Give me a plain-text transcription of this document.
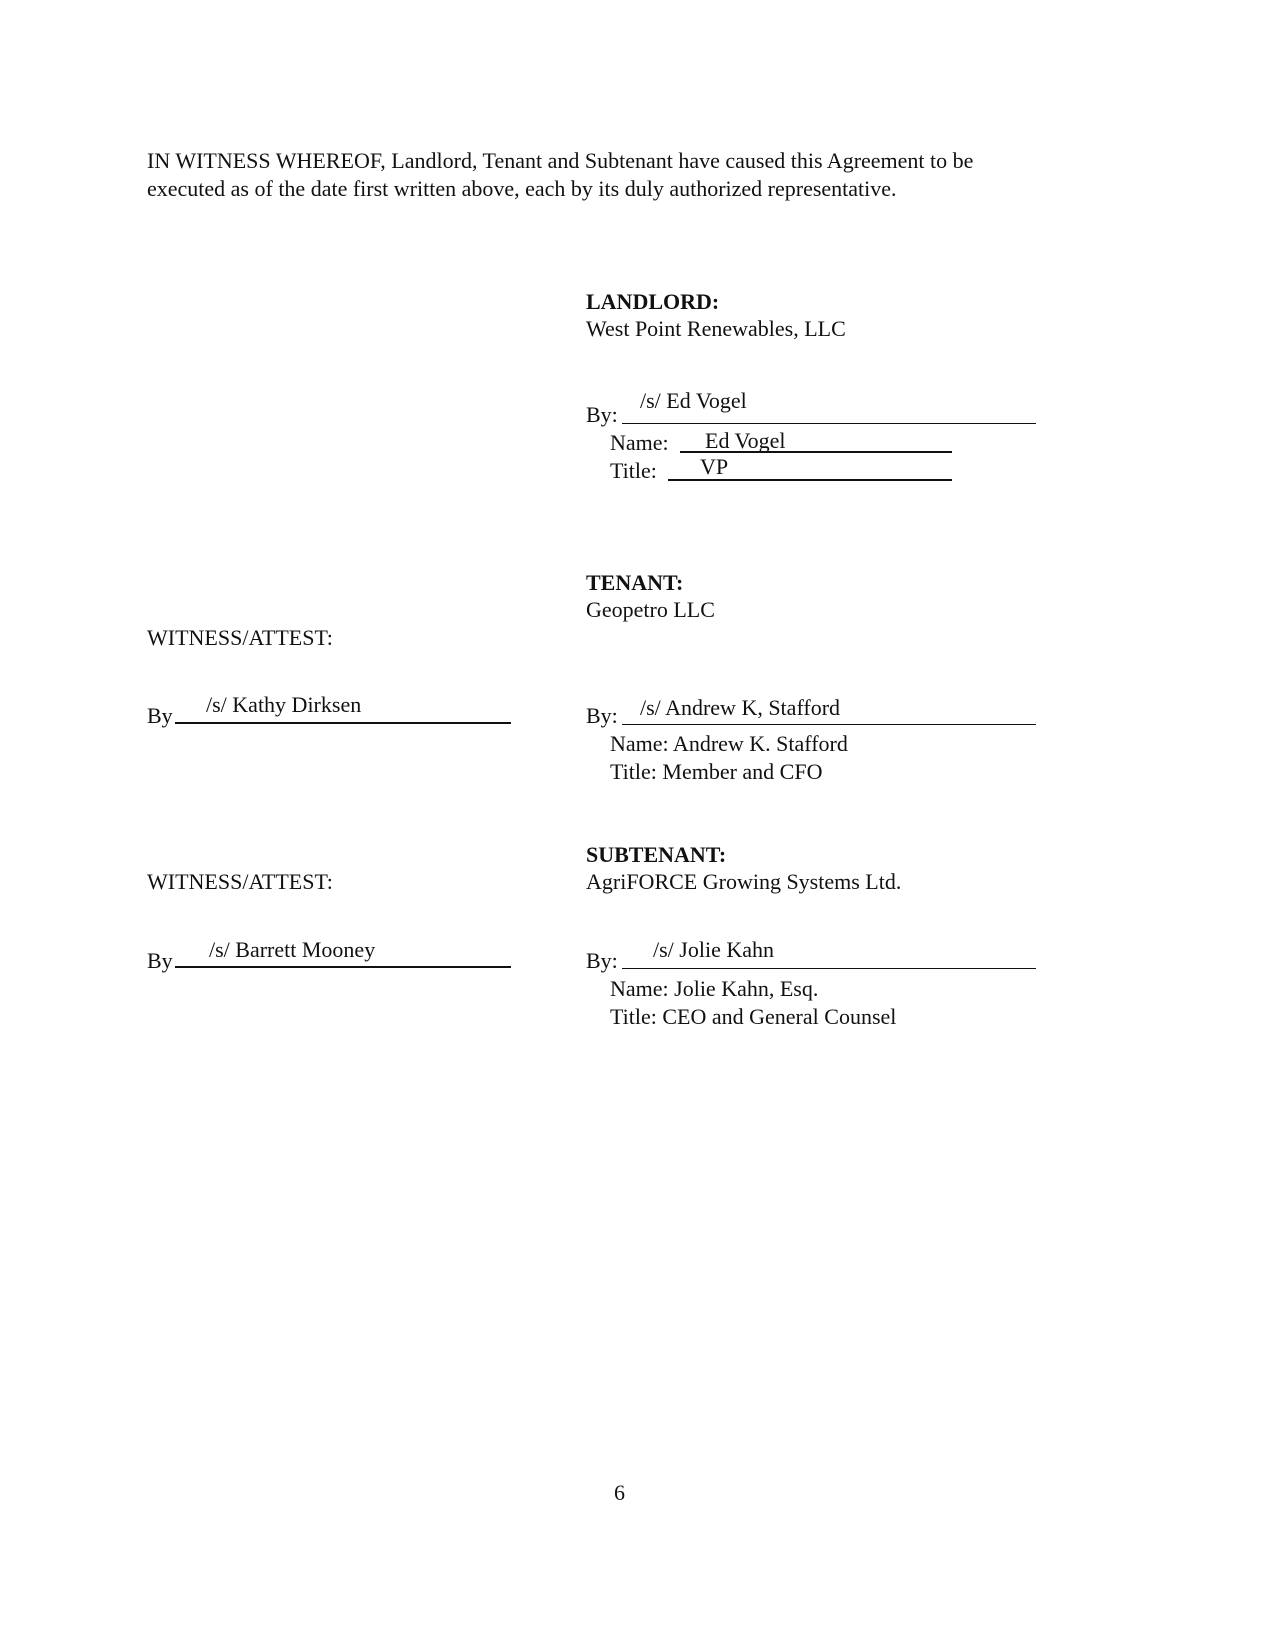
IN WITNESS WHEREOF, Landlord, Tenant and Subtenant have caused this Agreement to be
executed as of the date first written above, each by its duly authorized representative.
LANDLORD:
West Point Renewables, LLC
By:
/s/ Ed Vogel
Name: Ed Vogel
Title: VP
TENANT:
Geopetro LLC
By: /s/ Andrew K, Stafford
Name: Andrew K. Stafford
Title: Member and CFO
WITNESS/ATTEST:
By /s/ Kathy Dirksen
SUBTENANT:
AgriFORCE Growing Systems Ltd.
By: /s/ Jolie Kahn
Name: Jolie Kahn, Esq.
Title: CEO and General Counsel
WITNESS/ATTEST:
By /s/ Barrett Mooney
6
